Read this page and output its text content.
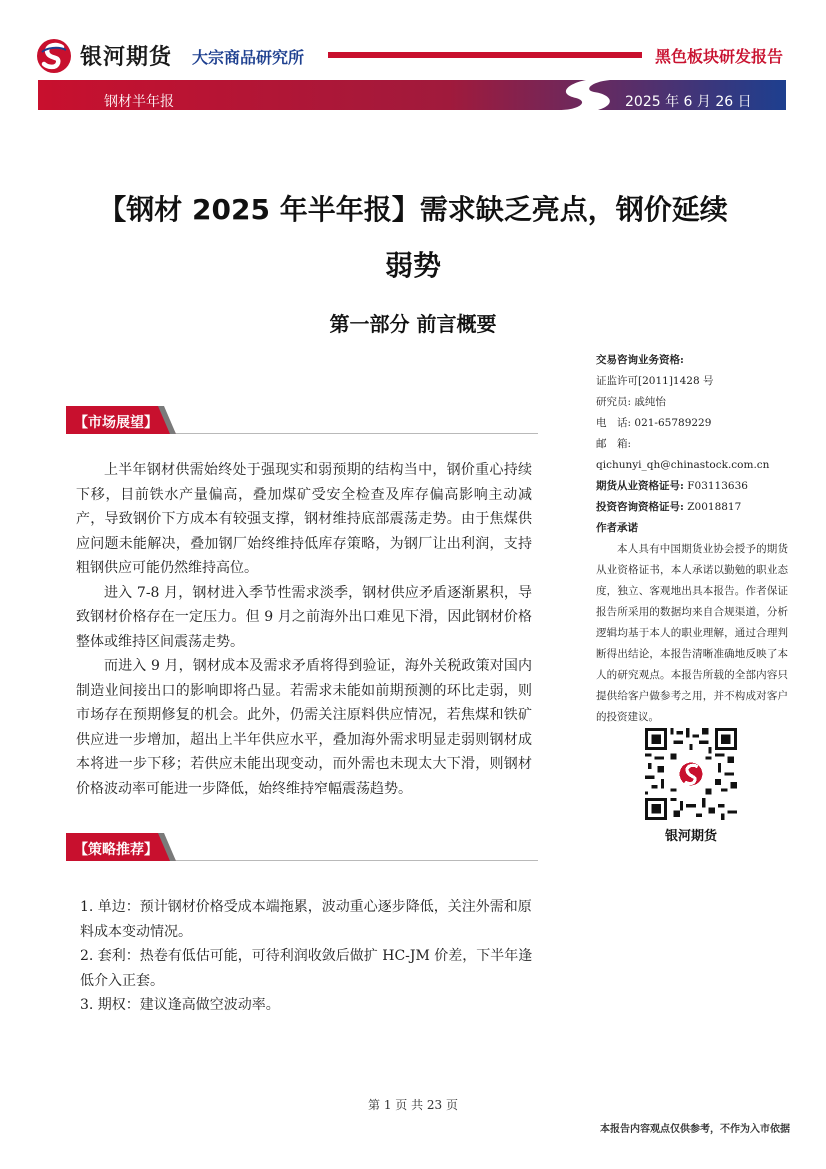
银河期货 大宗商品研究所	黑色板块研发报告
钢材半年报	2025 年 6 月 26 日
【钢材 2025 年半年报】需求缺乏亮点，钢价延续
弱势
第一部分 前言概要
【市场展望】

上半年钢材供需始终处于强现实和弱预期的结构当中，钢价重心持续下移，目前铁水产量偏高，叠加煤矿受安全检查及库存偏高影响主动减产，导致钢价下方成本有较强支撑，钢材维持底部震荡走势。由于焦煤供应问题未能解决，叠加钢厂始终维持低库存策略，为钢厂让出利润，支持粗钢供应可能仍然维持高位。

进入 7-8 月，钢材进入季节性需求淡季，钢材供应矛盾逐渐累积，导致钢材价格存在一定压力。但 9 月之前海外出口难见下滑，因此钢材价格整体或维持区间震荡走势。

而进入 9 月，钢材成本及需求矛盾将得到验证，海外关税政策对国内制造业间接出口的影响即将凸显。若需求未能如前期预测的环比走弱，则市场存在预期修复的机会。此外，仍需关注原料供应情况，若焦煤和铁矿供应进一步增加，超出上半年供应水平，叠加海外需求明显走弱则钢材成本将进一步下移；若供应未能出现变动，而外需也未现太大下滑，则钢材价格波动率可能进一步降低，始终维持窄幅震荡趋势。

【策略推荐】
1. 单边：预计钢材价格受成本端拖累，波动重心逐步降低，关注外需和原料成本变动情况。
2. 套利：热卷有低估可能，可待利润收敛后做扩 HC-JM 价差，下半年逢低介入正套。
3. 期权：建议逢高做空波动率。
交易咨询业务资格:
证监许可[2011]1428 号
研究员: 戚纯怡
电　话: 021-65789229
邮　箱:
qichunyi_qh@chinastock.com.cn
期货从业资格证号: F03113636
投资咨询资格证号: Z0018817
作者承诺
本人具有中国期货业协会授予的期货从业资格证书，本人承诺以勤勉的职业态度，独立、客观地出具本报告。作者保证报告所采用的数据均来自合规渠道，分析逻辑均基于本人的职业理解，通过合理判断得出结论，本报告清晰准确地反映了本人的研究观点。本报告所载的全部内容只提供给客户做参考之用，并不构成对客户的投资建议。
银河期货
第 1 页 共 23 页
本报告内容观点仅供参考，不作为入市依据
